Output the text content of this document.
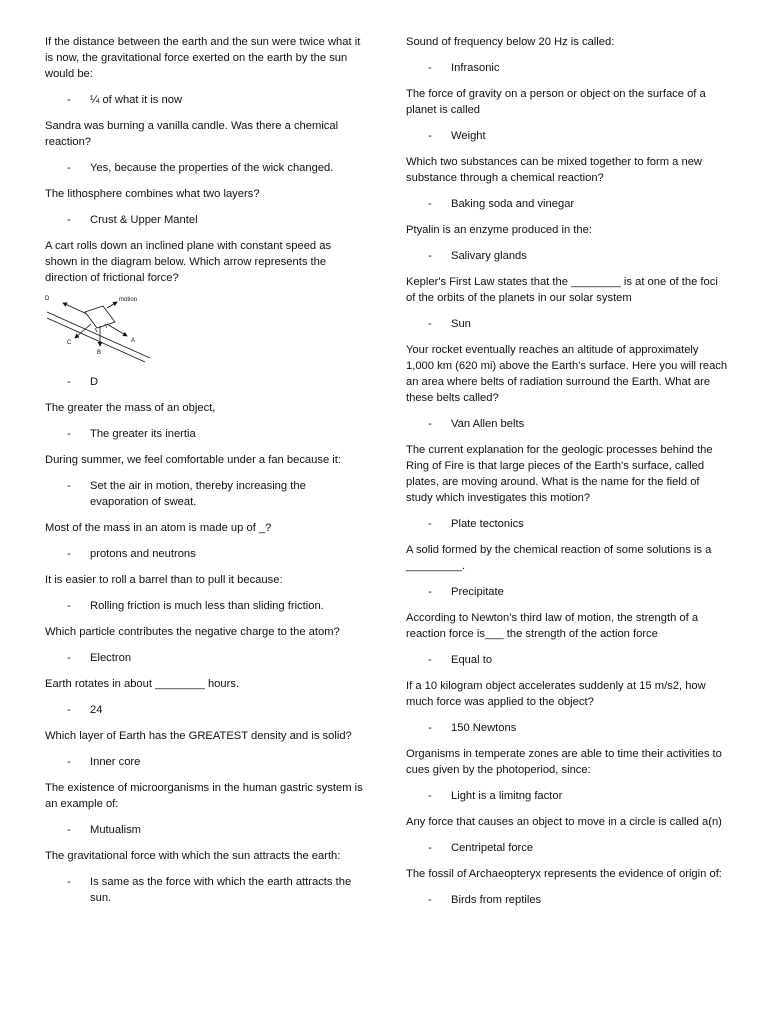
If the distance between the earth and the sun were twice what it is now, the gravitational force exerted on the earth by the sun would be:

- ¼ of what it is now

Sandra was burning a vanilla candle. Was there a chemical reaction?

- Yes, because the properties of the wick changed.

The lithosphere combines what two layers?

- Crust & Upper Mantel

A cart rolls down an inclined plane with constant speed as shown in the diagram below. Which arrow represents the direction of frictional force?

D	motion
C	A
B
- D

The greater the mass of an object,

- The greater its inertia

During summer, we feel comfortable under a fan because it:

- Set the air in motion, thereby increasing the evaporation of sweat.

Most of the mass in an atom is made up of _?

- protons and neutrons

It is easier to roll a barrel than to pull it because:

- Rolling friction is much less than sliding friction.

Which particle contributes the negative charge to the atom?

- Electron

Earth rotates in about ________ hours.

- 24

Which layer of Earth has the GREATEST density and is solid?

- Inner core

The existence of microorganisms in the human gastric system is an example of:

- Mutualism

The gravitational force with which the sun attracts the earth:

- Is same as the force with which the earth attracts the sun.

Sound of frequency below 20 Hz is called:

- Infrasonic

The force of gravity on a person or object on the surface of a planet is called

- Weight

Which two substances can be mixed together to form a new substance through a chemical reaction?

- Baking soda and vinegar

Ptyalin is an enzyme produced in the:

- Salivary glands

Kepler's First Law states that the ________ is at one of the foci of the orbits of the planets in our solar system

- Sun

Your rocket eventually reaches an altitude of approximately 1,000 km (620 mi) above the Earth's surface. Here you will reach an area where belts of radiation surround the Earth. What are these belts called?

- Van Allen belts

The current explanation for the geologic processes behind the Ring of Fire is that large pieces of the Earth's surface, called plates, are moving around. What is the name for the field of study which investigates this motion?

- Plate tectonics

A solid formed by the chemical reaction of some solutions is a _________.

- Precipitate

According to Newton’s third law of motion, the strength of a reaction force is___ the strength of the action force

- Equal to

If a 10 kilogram object accelerates suddenly at 15 m/s2, how much force was applied to the object?

- 150 Newtons

Organisms in temperate zones are able to time their activities to cues given by the photoperiod, since:

- Light is a limitng factor

Any force that causes an object to move in a circle is called a(n)

- Centripetal force

The fossil of Archaeopteryx represents the evidence of origin of:

- Birds from reptiles
